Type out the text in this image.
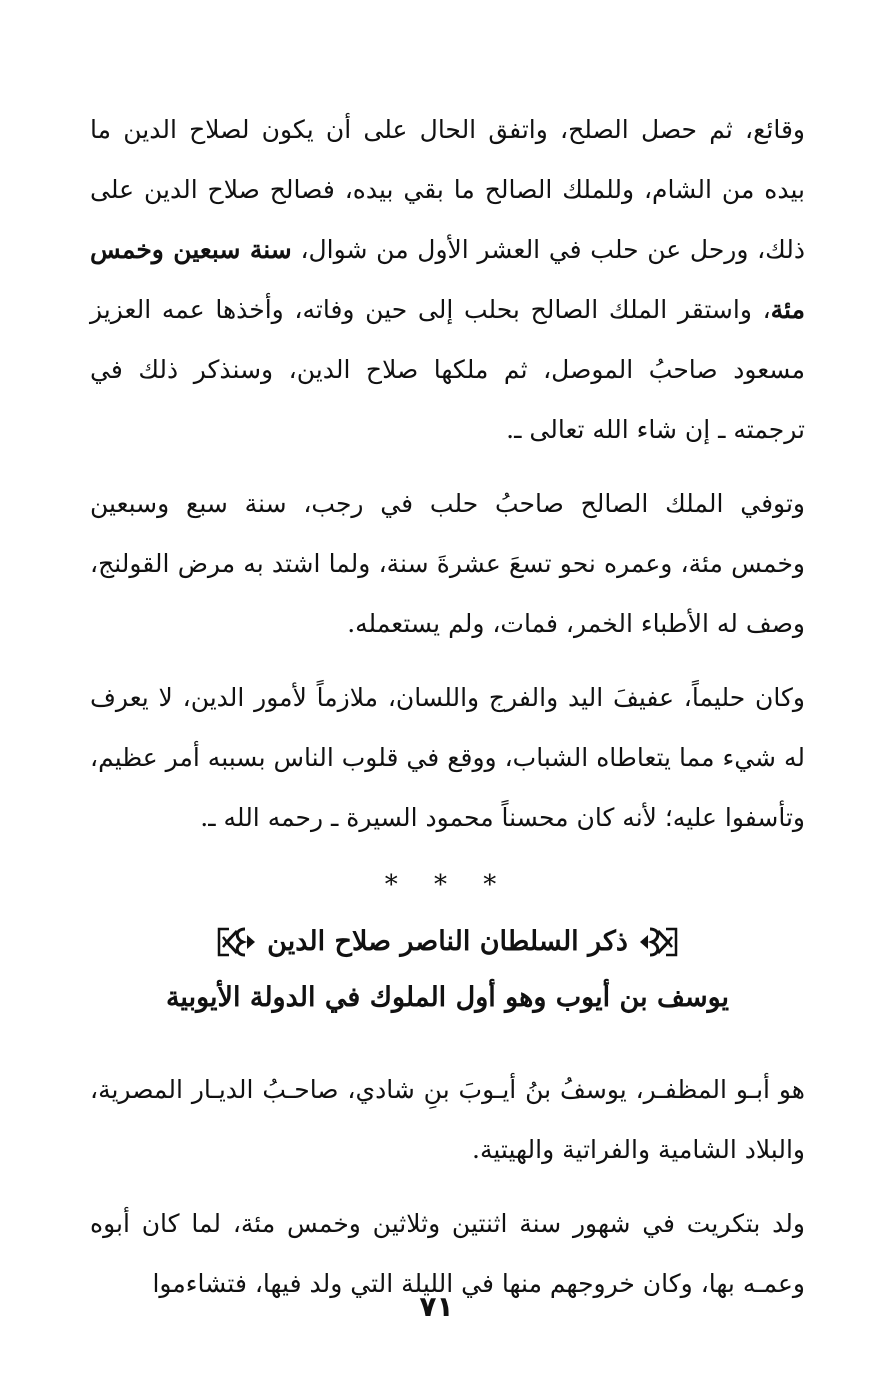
وقائع، ثم حصل الصلح، واتفق الحال على أن يكون لصلاح الدين ما بيده من الشام، وللملك الصالح ما بقي بيده، فصالح صلاح الدين على ذلك، ورحل عن حلب في العشر الأول من شوال، سنة سبعين وخمس مئة، واستقر الملك الصالح بحلب إلى حين وفاته، وأخذها عمه العزيز مسعود صاحبُ الموصل، ثم ملكها صلاح الدين، وسنذكر ذلك في ترجمته ـ إن شاء الله تعالى ـ.

وتوفي الملك الصالح صاحبُ حلب في رجب، سنة سبع وسبعين وخمس مئة، وعمره نحو تسعَ عشرةَ سنة، ولما اشتد به مرض القولنج، وصف له الأطباء الخمر، فمات، ولم يستعمله.

وكان حليماً، عفيفَ اليد والفرج واللسان، ملازماً لأمور الدين، لا يعرف له شيء مما يتعاطاه الشباب، ووقع في قلوب الناس بسببه أمر عظيم، وتأسفوا عليه؛ لأنه كان محسناً محمود السيرة ـ رحمه الله ـ.

* * *
ذكر السلطان الناصر صلاح الدين
يوسف بن أيوب وهو أول الملوك في الدولة الأيوبية

هو أبـو المظفـر، يوسفُ بنُ أيـوبَ بنِ شادي، صاحـبُ الديـار المصرية، والبلاد الشامية والفراتية والهيتية.

ولد بتكريت في شهور سنة اثنتين وثلاثين وخمس مئة، لما كان أبوه وعمـه بها، وكان خروجهم منها في الليلة التي ولد فيها، فتشاءموا

٧١
